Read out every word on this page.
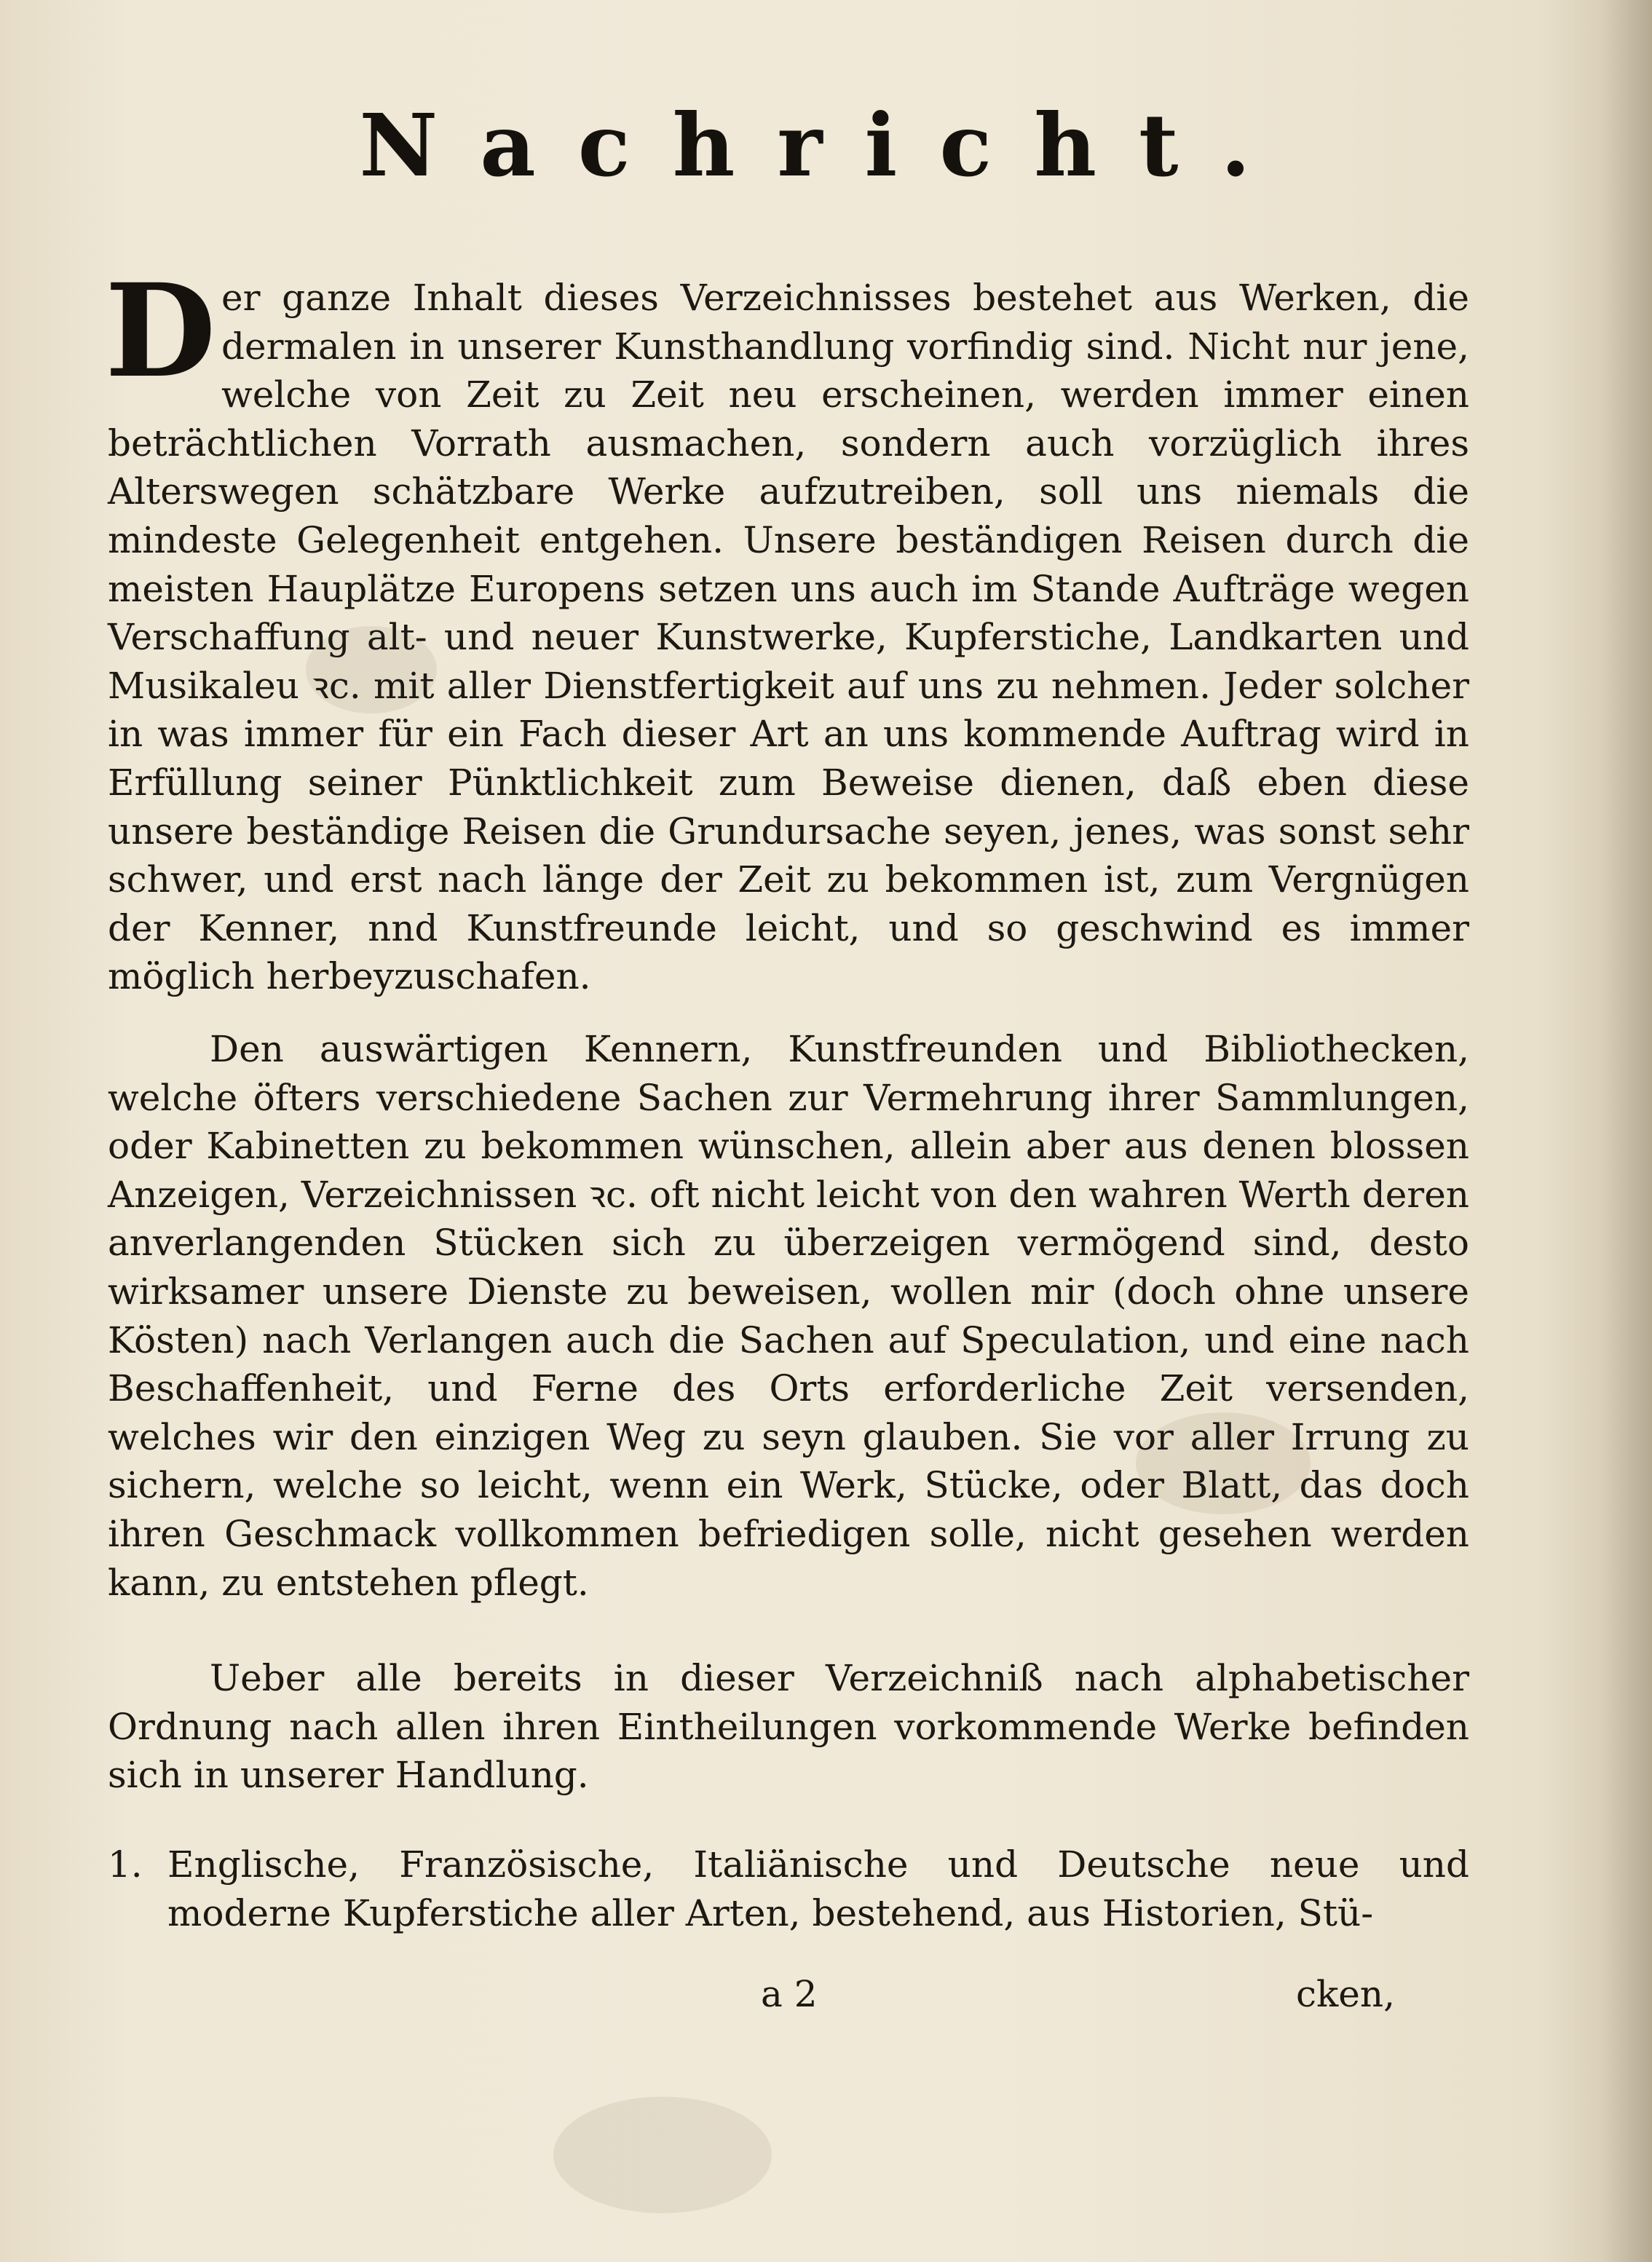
Nachricht.
Der ganze Inhalt dieses Verzeichnisses bestehet aus Werken, die dermalen in unserer Kunsthandlung vorfindig sind. Nicht nur jene, welche von Zeit zu Zeit neu erscheinen, werden immer einen beträchtlichen Vorrath ausmachen, sondern auch vorzüglich ihres Alterswegen schätzbare Werke aufzutreiben, soll uns niemals die mindeste Gelegenheit entgehen. Unsere beständigen Reisen durch die meisten Hauplätze Europens setzen uns auch im Stande Aufträge wegen Verschaffung alt- und neuer Kunstwerke, Kupferstiche, Landkarten und Musikaleu ꝛc. mit aller Dienstfertigkeit auf uns zu nehmen. Jeder solcher in was immer für ein Fach dieser Art an uns kommende Auftrag wird in Erfüllung seiner Pünktlichkeit zum Beweise dienen, daß eben diese unsere beständige Reisen die Grundursache seyen, jenes, was sonst sehr schwer, und erst nach länge der Zeit zu bekommen ist, zum Vergnügen der Kenner, nnd Kunstfreunde leicht, und so geschwind es immer möglich herbeyzuschafen.
Den auswärtigen Kennern, Kunstfreunden und Bibliothecken, welche öfters verschiedene Sachen zur Vermehrung ihrer Sammlungen, oder Kabinetten zu bekommen wünschen, allein aber aus denen blossen Anzeigen, Verzeichnissen ꝛc. oft nicht leicht von den wahren Werth deren anverlangenden Stücken sich zu überzeigen vermögend sind, desto wirksamer unsere Dienste zu beweisen, wollen mir (doch ohne unsere Kösten) nach Verlangen auch die Sachen auf Speculation, und eine nach Beschaffenheit, und Ferne des Orts erforderliche Zeit versenden, welches wir den einzigen Weg zu seyn glauben. Sie vor aller Irrung zu sichern, welche so leicht, wenn ein Werk, Stücke, oder Blatt, das doch ihren Geschmack vollkommen befriedigen solle, nicht gesehen werden kann, zu entstehen pflegt.
Ueber alle bereits in dieser Verzeichniß nach alphabetischer Ordnung nach allen ihren Eintheilungen vorkommende Werke befinden sich in unserer Handlung.
1. Englische, Französische, Italiänische und Deutsche neue und moderne Kupferstiche aller Arten, bestehend, aus Historien, Stü-
a 2	cken,
